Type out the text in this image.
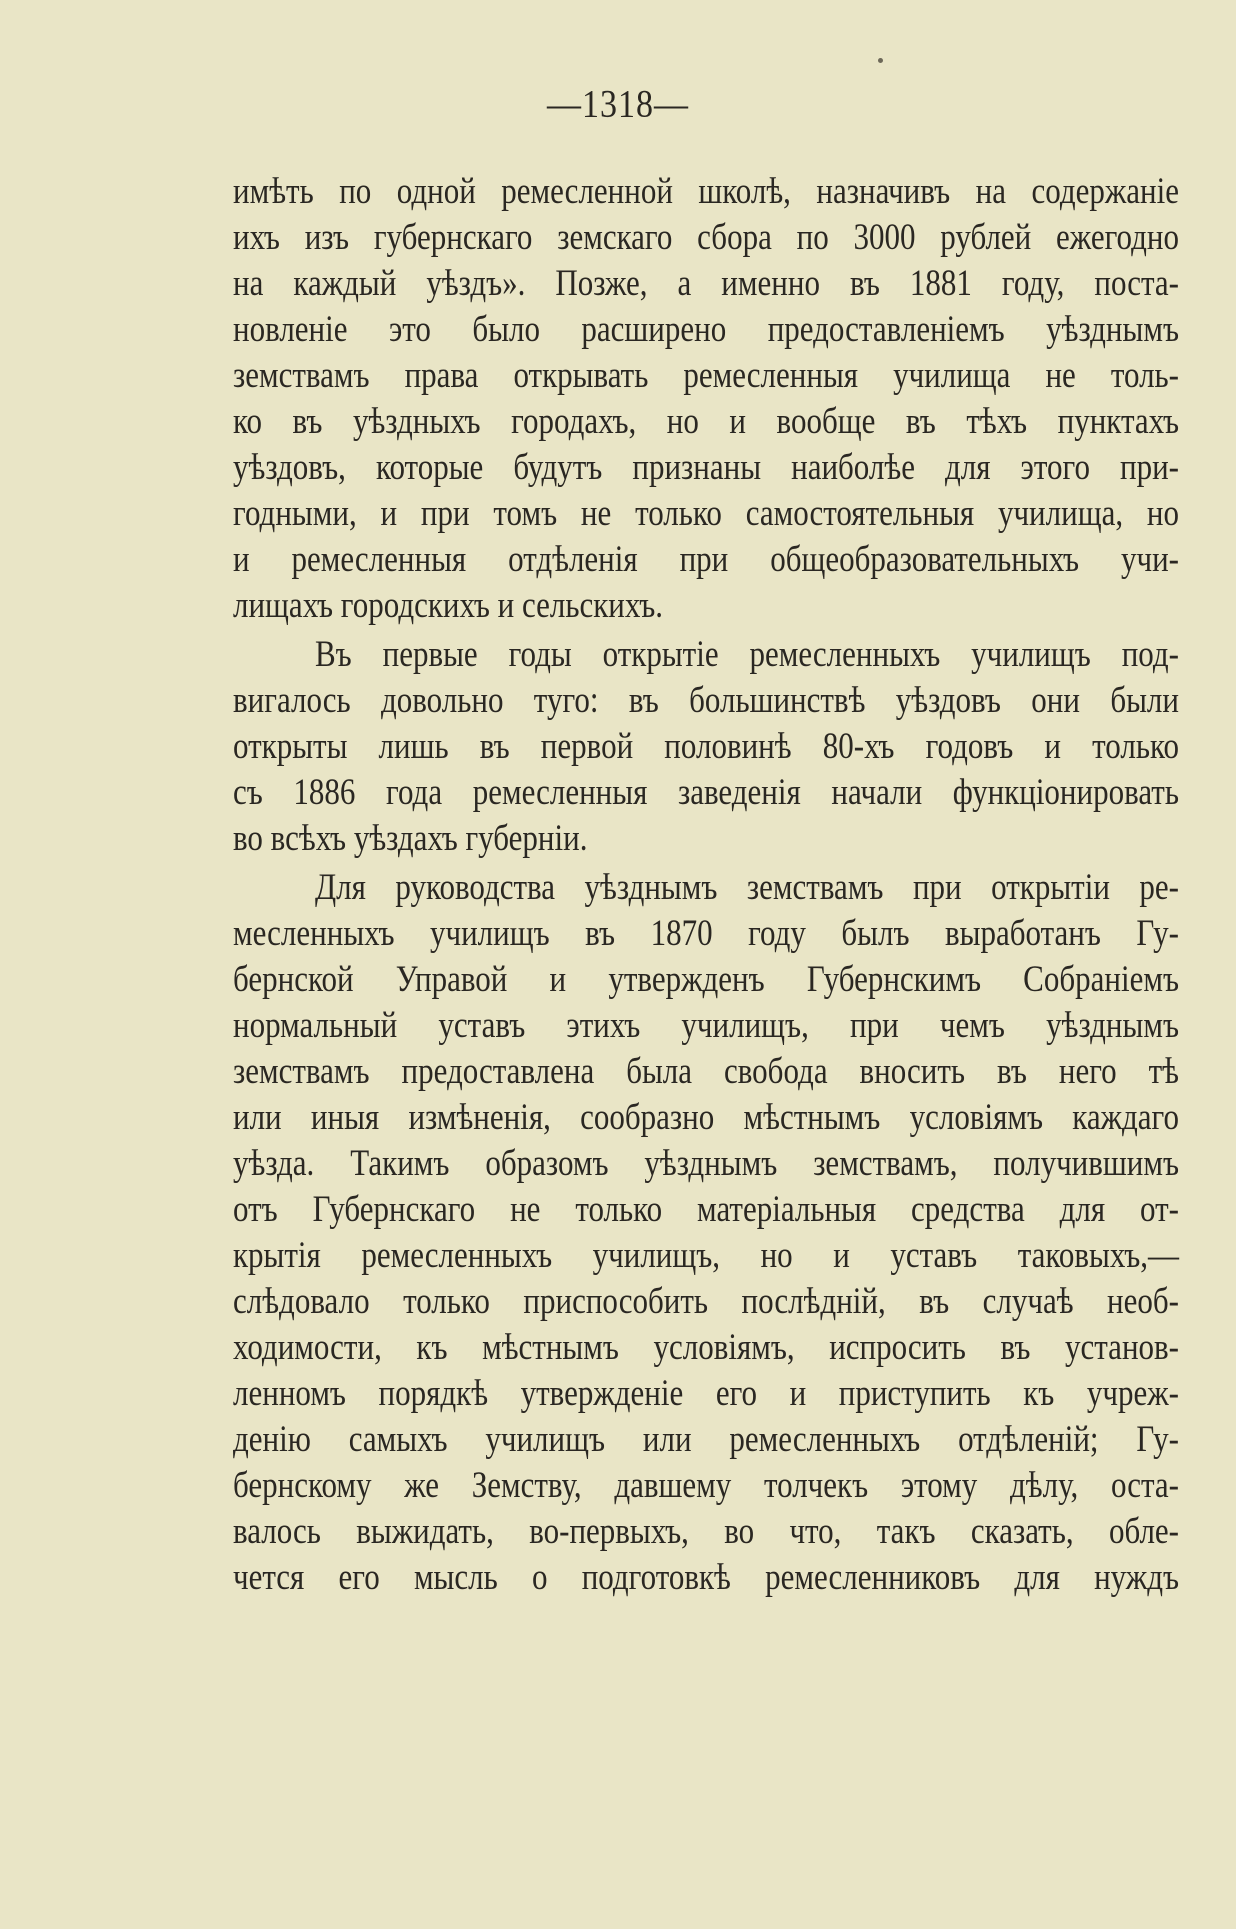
—1318—
имѣть по одной ремесленной школѣ, назначивъ на содержаніе
ихъ изъ губернскаго земскаго сбора по 3000 рублей ежегодно
на каждый уѣздъ». Позже, а именно въ 1881 году, поста-
новленіе это было расширено предоставленіемъ уѣзднымъ
земствамъ права открывать ремесленныя училища не толь-
ко въ уѣздныхъ городахъ, но и вообще въ тѣхъ пунктахъ
уѣздовъ, которые будутъ признаны наиболѣе для этого при-
годными, и при томъ не только самостоятельныя училища, но
и ремесленныя отдѣленія при общеобразовательныхъ учи-
лищахъ городскихъ и сельскихъ.
Въ первые годы открытіе ремесленныхъ училищъ под-
вигалось довольно туго: въ большинствѣ уѣздовъ они были
открыты лишь въ первой половинѣ 80-хъ годовъ и только
съ 1886 года ремесленныя заведенія начали функціонировать
во всѣхъ уѣздахъ губерніи.
Для руководства уѣзднымъ земствамъ при открытіи ре-
месленныхъ училищъ въ 1870 году былъ выработанъ Гу-
бернской Управой и утвержденъ Губернскимъ Собраніемъ
нормальный уставъ этихъ училищъ, при чемъ уѣзднымъ
земствамъ предоставлена была свобода вносить въ него тѣ
или иныя измѣненія, сообразно мѣстнымъ условіямъ каждаго
уѣзда. Такимъ образомъ уѣзднымъ земствамъ, получившимъ
отъ Губернскаго не только матеріальныя средства для от-
крытія ремесленныхъ училищъ, но и уставъ таковыхъ,—
слѣдовало только приспособить послѣдній, въ случаѣ необ-
ходимости, къ мѣстнымъ условіямъ, испросить въ установ-
ленномъ порядкѣ утвержденіе его и приступить къ учреж-
денію самыхъ училищъ или ремесленныхъ отдѣленій; Гу-
бернскому же Земству, давшему толчекъ этому дѣлу, оста-
валось выжидать, во-первыхъ, во что, такъ сказать, обле-
чется его мысль о подготовкѣ ремесленниковъ для нуждъ
